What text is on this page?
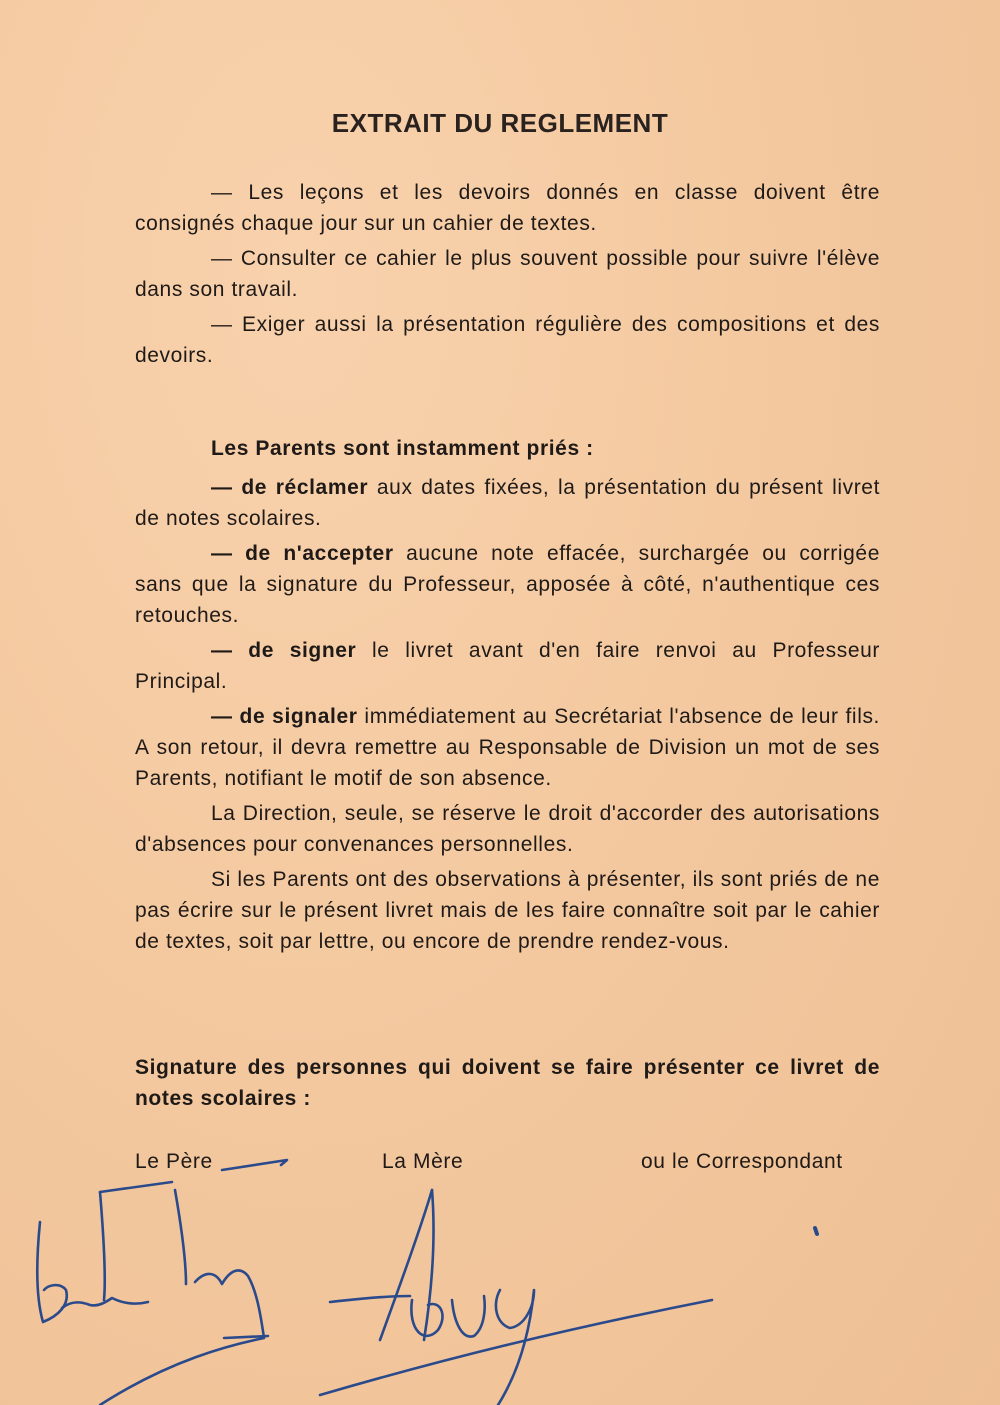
EXTRAIT DU REGLEMENT

— Les leçons et les devoirs donnés en classe doivent être consignés chaque jour sur un cahier de textes.

— Consulter ce cahier le plus souvent possible pour suivre l'élève dans son travail.

— Exiger aussi la présentation régulière des compositions et des devoirs.

Les Parents sont instamment priés :

— de réclamer aux dates fixées, la présentation du présent livret de notes scolaires.

— de n'accepter aucune note effacée, surchargée ou corrigée sans que la signature du Professeur, apposée à côté, n'authentique ces retouches.

— de signer le livret avant d'en faire renvoi au Professeur Principal.

— de signaler immédiatement au Secrétariat l'absence de leur fils. A son retour, il devra remettre au Responsable de Division un mot de ses Parents, notifiant le motif de son absence.

La Direction, seule, se réserve le droit d'accorder des autorisations d'absences pour convenances personnelles.

Si les Parents ont des observations à présenter, ils sont priés de ne pas écrire sur le présent livret mais de les faire connaître soit par le cahier de textes, soit par lettre, ou encore de prendre rendez-vous.

Signature des personnes qui doivent se faire présenter ce livret de notes scolaires :

Le Père	La Mère	ou le Correspondant
